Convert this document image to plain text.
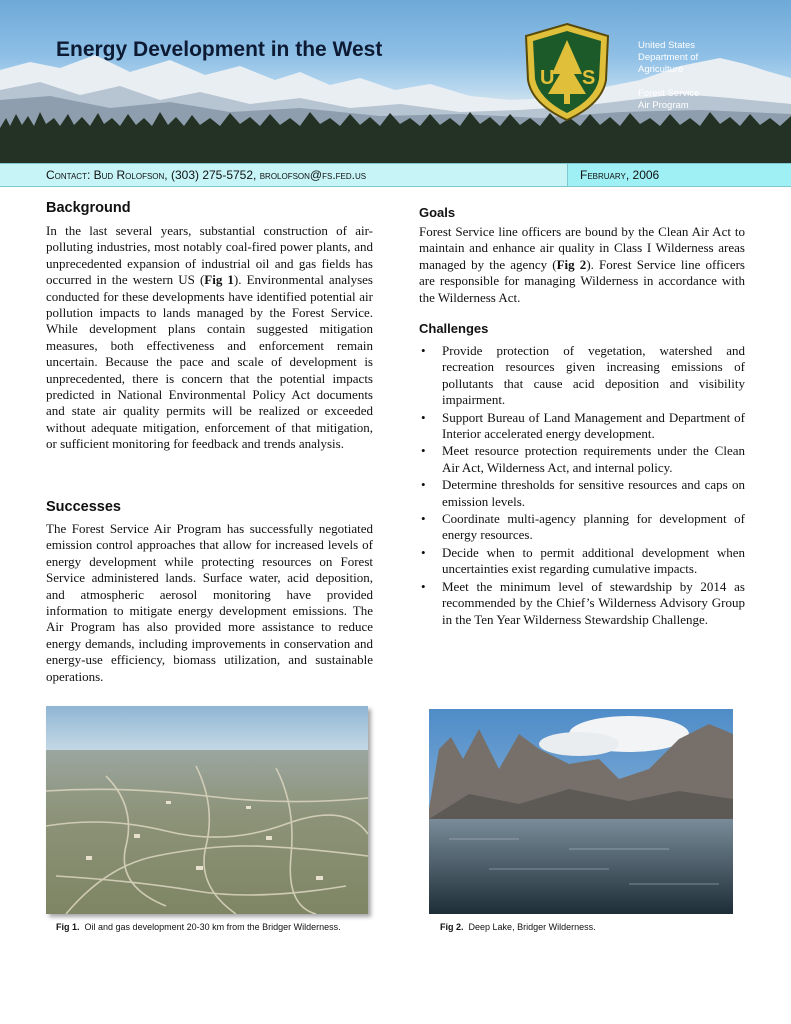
Energy Development in the West
U S
United States
Department of
Agriculture
Forest Service
Air Program
Contact: Bud Rolofson, (303) 275-5752, brolofson@fs.fed.us	February, 2006
Background

In the last several years, substantial construction of air-polluting industries, most notably coal-fired power plants, and unprecedented expansion of industrial oil and gas fields has occurred in the western US (Fig 1). Environmental analyses conducted for these developments have identified potential air pollution impacts to lands managed by the Forest Service. While development plans contain suggested mitigation measures, both effectiveness and enforcement remain uncertain. Because the pace and scale of development is unprecedented, there is concern that the potential impacts predicted in National Environmental Policy Act documents and state air quality permits will be realized or exceeded without adequate mitigation, enforcement of that mitigation, or sufficient monitoring for feedback and trends analysis.

Successes

The Forest Service Air Program has successfully negotiated emission control approaches that allow for increased levels of energy development while protecting resources on Forest Service administered lands. Surface water, acid deposition, and atmospheric aerosol monitoring have provided information to mitigate energy development emissions. The Air Program has also provided more assistance to reduce energy demands, including improvements in conservation and energy-use efficiency, biomass utilization, and sustainable operations.

Goals

Forest Service line officers are bound by the Clean Air Act to maintain and enhance air quality in Class I Wilderness areas managed by the agency (Fig 2). Forest Service line officers are responsible for managing Wilderness in accordance with the Wilderness Act.

Challenges
• Provide protection of vegetation, watershed and recreation resources given increasing emissions of pollutants that cause acid deposition and visibility impairment.
• Support Bureau of Land Management and Department of Interior accelerated energy development.
• Meet resource protection requirements under the Clean Air Act, Wilderness Act, and internal policy.
• Determine thresholds for sensitive resources and caps on emission levels.
• Coordinate multi-agency planning for development of energy resources.
• Decide when to permit additional development when uncertainties exist regarding cumulative impacts.
• Meet the minimum level of stewardship by 2014 as recommended by the Chief’s Wilderness Advisory Group in the Ten Year Wilderness Stewardship Challenge.
Fig 1. Oil and gas development 20-30 km from the Bridger Wilderness.	Fig 2. Deep Lake, Bridger Wilderness.
